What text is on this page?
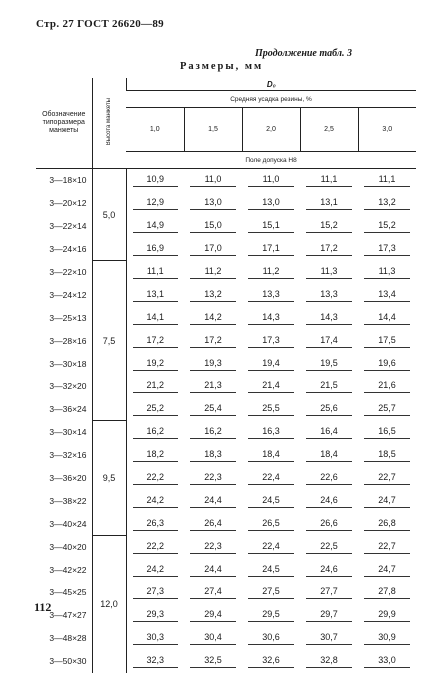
Стр. 27 ГОСТ 26620—89
Продолжение табл. 3
Размеры, мм
Обозначение типоразмера манжеты	Высота манжеты	D₀				
		Средняя усадка резины, %				
		1,0	1,5	2,0	2,5	3,0
		Поле допуска H8				
3—18×10	5,0	10,9	11,0	11,0	11,1	11,1
3—20×12		12,9	13,0	13,0	13,1	13,2
3—22×14		14,9	15,0	15,1	15,2	15,2
3—24×16		16,9	17,0	17,1	17,2	17,3
3—22×10	7,5	11,1	11,2	11,2	11,3	11,3
3—24×12		13,1	13,2	13,3	13,3	13,4
3—25×13		14,1	14,2	14,3	14,3	14,4
3—28×16		17,2	17,2	17,3	17,4	17,5
3—30×18		19,2	19,3	19,4	19,5	19,6
3—32×20		21,2	21,3	21,4	21,5	21,6
3—36×24		25,2	25,4	25,5	25,6	25,7
3—30×14	9,5	16,2	16,2	16,3	16,4	16,5
3—32×16		18,2	18,3	18,4	18,4	18,5
3—36×20		22,2	22,3	22,4	22,6	22,7
3—38×22		24,2	24,4	24,5	24,6	24,7
3—40×24		26,3	26,4	26,5	26,6	26,8
3—40×20	12,0	22,2	22,3	22,4	22,5	22,7
3—42×22		24,2	24,4	24,5	24,6	24,7
3—45×25		27,3	27,4	27,5	27,7	27,8
3—47×27		29,3	29,4	29,5	29,7	29,9
3—48×28		30,3	30,4	30,6	30,7	30,9
3—50×30		32,3	32,5	32,6	32,8	33,0
112
